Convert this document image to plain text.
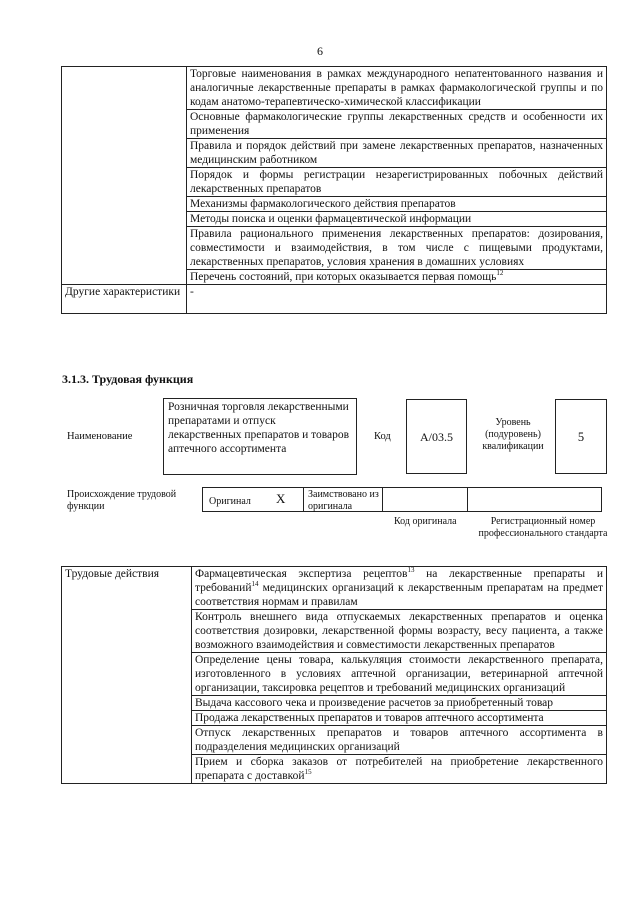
6
	Торговые наименования в рамках международного непатентованного названия и аналогичные лекарственные препараты в рамках фармакологической группы и по кодам анатомо-терапевтическо-химической классификации
	Основные фармакологические группы лекарственных средств и особенности их применения
	Правила и порядок действий при замене лекарственных препаратов, назначенных медицинским работником
	Порядок и формы регистрации незарегистрированных побочных действий лекарственных препаратов
	Механизмы фармакологического действия препаратов
	Методы поиска и оценки фармацевтической информации
	Правила рационального применения лекарственных препаратов: дозирования, совместимости и взаимодействия, в том числе с пищевыми продуктами, лекарственных препаратов, условия хранения в домашних условиях
	Перечень состояний, при которых оказывается первая помощь$^{12}$
Другие характеристики	-
3.1.3. Трудовая функция
Наименование
Розничная торговля лекарственными препаратами и отпуск лекарственных препаратов и товаров аптечного ассортимента
Код	A/03.5
Уровень (подуровень) квалификации
5
Происхождение трудовой функции	Оригинал X Заимствовано из оригинала
Код оригинала	Регистрационный номер профессионального стандарта
Трудовые действия	Фармацевтическая экспертиза рецептов$^{13}$ на лекарственные препараты и требований$^{14}$ медицинских организаций к лекарственным препаратам на предмет соответствия нормам и правилам
Контроль внешнего вида отпускаемых лекарственных препаратов и оценка соответствия дозировки, лекарственной формы возрасту, весу пациента, а также возможного взаимодействия и совместимости лекарственных препаратов
Определение цены товара, калькуляция стоимости лекарственного препарата, изготовленного в условиях аптечной организации, ветеринарной аптечной организации, таксировка рецептов и требований медицинских организаций
Выдача кассового чека и произведение расчетов за приобретенный товар
Продажа лекарственных препаратов и товаров аптечного ассортимента
Отпуск лекарственных препаратов и товаров аптечного ассортимента в подразделения медицинских организаций
Прием и сборка заказов от потребителей на приобретение лекарственного препарата с доставкой$^{15}$
